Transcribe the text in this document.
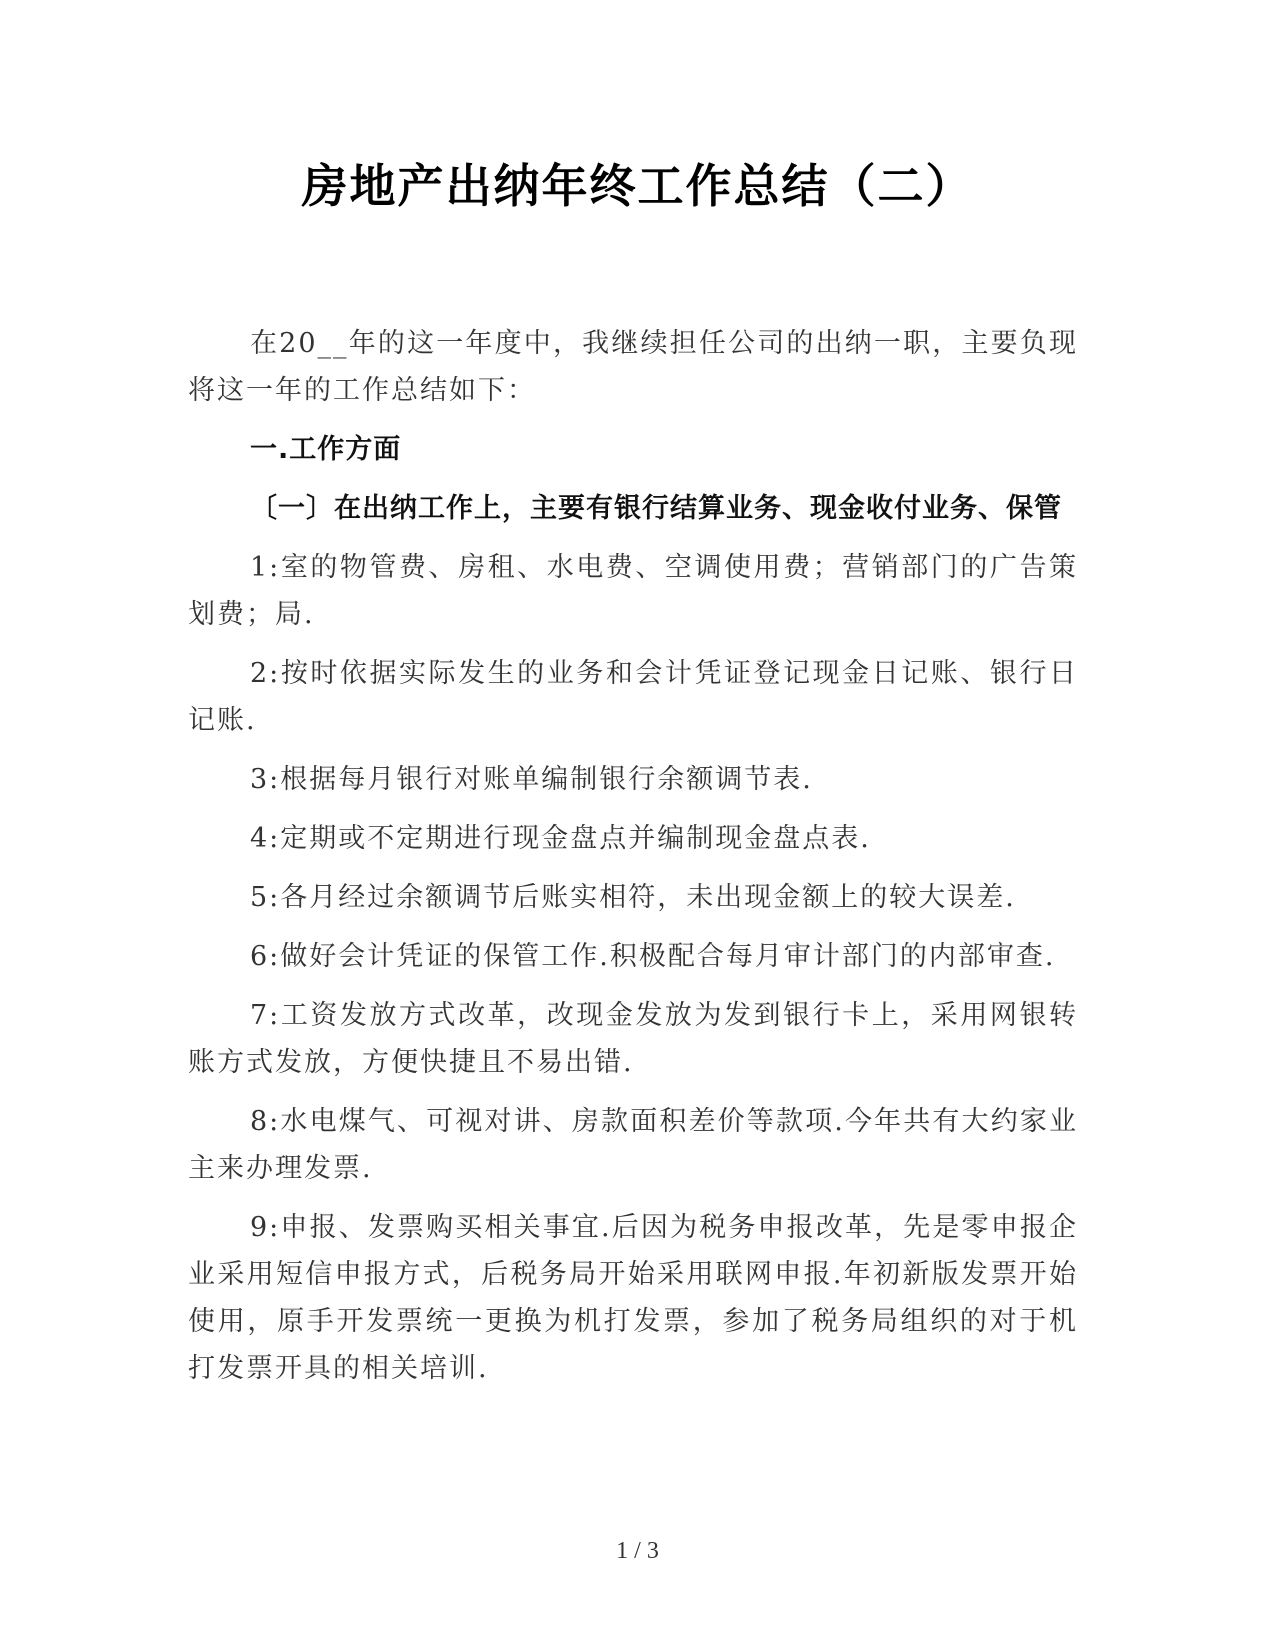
房地产出纳年终工作总结（二）

在20__年的这一年度中，我继续担任公司的出纳一职，主要负现将这一年的工作总结如下：

一.工作方面

〔一〕在出纳工作上，主要有银行结算业务、现金收付业务、保管

1:室的物管费、房租、水电费、空调使用费；营销部门的广告策划费；局.

2:按时依据实际发生的业务和会计凭证登记现金日记账、银行日记账.

3:根据每月银行对账单编制银行余额调节表.

4:定期或不定期进行现金盘点并编制现金盘点表.

5:各月经过余额调节后账实相符，未出现金额上的较大误差.

6:做好会计凭证的保管工作.积极配合每月审计部门的内部审查.

7:工资发放方式改革，改现金发放为发到银行卡上，采用网银转账方式发放，方便快捷且不易出错.

8:水电煤气、可视对讲、房款面积差价等款项.今年共有大约家业主来办理发票.

9:申报、发票购买相关事宜.后因为税务申报改革，先是零申报企业采用短信申报方式，后税务局开始采用联网申报.年初新版发票开始使用，原手开发票统一更换为机打发票，参加了税务局组织的对于机打发票开具的相关培训.

1 / 3
